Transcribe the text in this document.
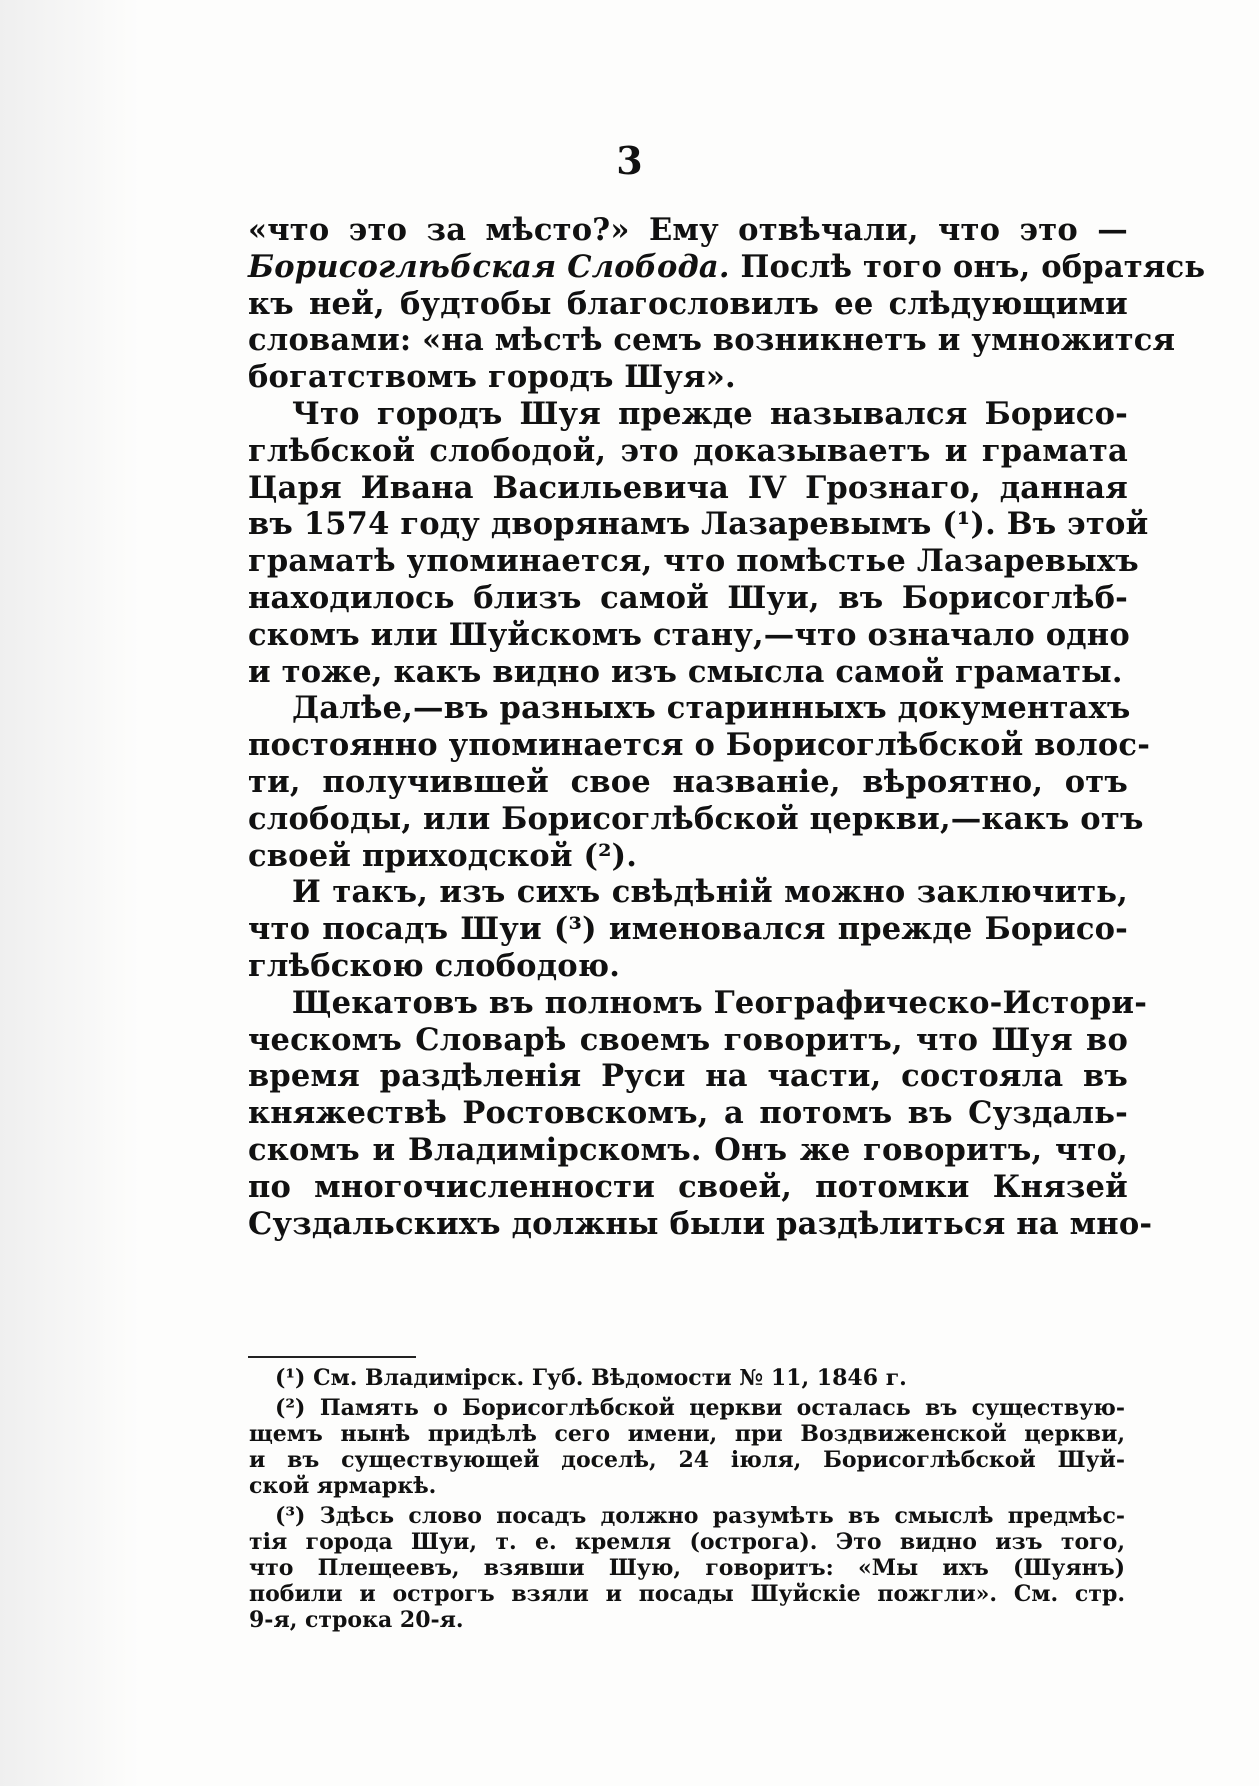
3
«что это за мѣсто?» Ему отвѣчали, что это —
Борисоглѣбская Слобода. Послѣ того онъ, обратясь
къ ней, будтобы благословилъ ее слѣдующими
словами: «на мѣстѣ семъ возникнетъ и умножится
богатствомъ городъ Шуя».
Что городъ Шуя прежде назывался Борисо-
глѣбской слободой, это доказываетъ и грамата
Царя Ивана Васильевича IV Грознаго, данная
въ 1574 году дворянамъ Лазаревымъ (¹). Въ этой
граматѣ упоминается, что помѣстье Лазаревыхъ
находилось близъ самой Шуи, въ Борисоглѣб-
скомъ или Шуйскомъ стану,—что означало одно
и тоже, какъ видно изъ смысла самой граматы.
Далѣе,—въ разныхъ старинныхъ документахъ
постоянно упоминается о Борисоглѣбской волос-
ти, получившей свое названіе, вѣроятно, отъ
слободы, или Борисоглѣбской церкви,—какъ отъ
своей приходской (²).
И такъ, изъ сихъ свѣдѣній можно заключить,
что посадъ Шуи (³) именовался прежде Борисо-
глѣбскою слободою.
Щекатовъ въ полномъ Географическо-Истори-
ческомъ Словарѣ своемъ говоритъ, что Шуя во
время раздѣленія Руси на части, состояла въ
княжествѣ Ростовскомъ, а потомъ въ Суздаль-
скомъ и Владимірскомъ. Онъ же говоритъ, что,
по многочисленности своей, потомки Князей
Суздальскихъ должны были раздѣлиться на мно-
(¹) См. Владимірск. Губ. Вѣдомости № 11, 1846 г.
(²) Память о Борисоглѣбской церкви осталась въ существую-
щемъ нынѣ придѣлѣ сего имени, при Воздвиженской церкви,
и въ существующей доселѣ, 24 іюля, Борисоглѣбской Шуй-
ской ярмаркѣ.
(³) Здѣсь слово посадъ должно разумѣть въ смыслѣ предмѣс-
тія города Шуи, т. е. кремля (острога). Это видно изъ того,
что Плещеевъ, взявши Шую, говоритъ: «Мы ихъ (Шуянъ)
побили и острогъ взяли и посады Шуйскіе пожгли». См. стр.
9-я, строка 20-я.
